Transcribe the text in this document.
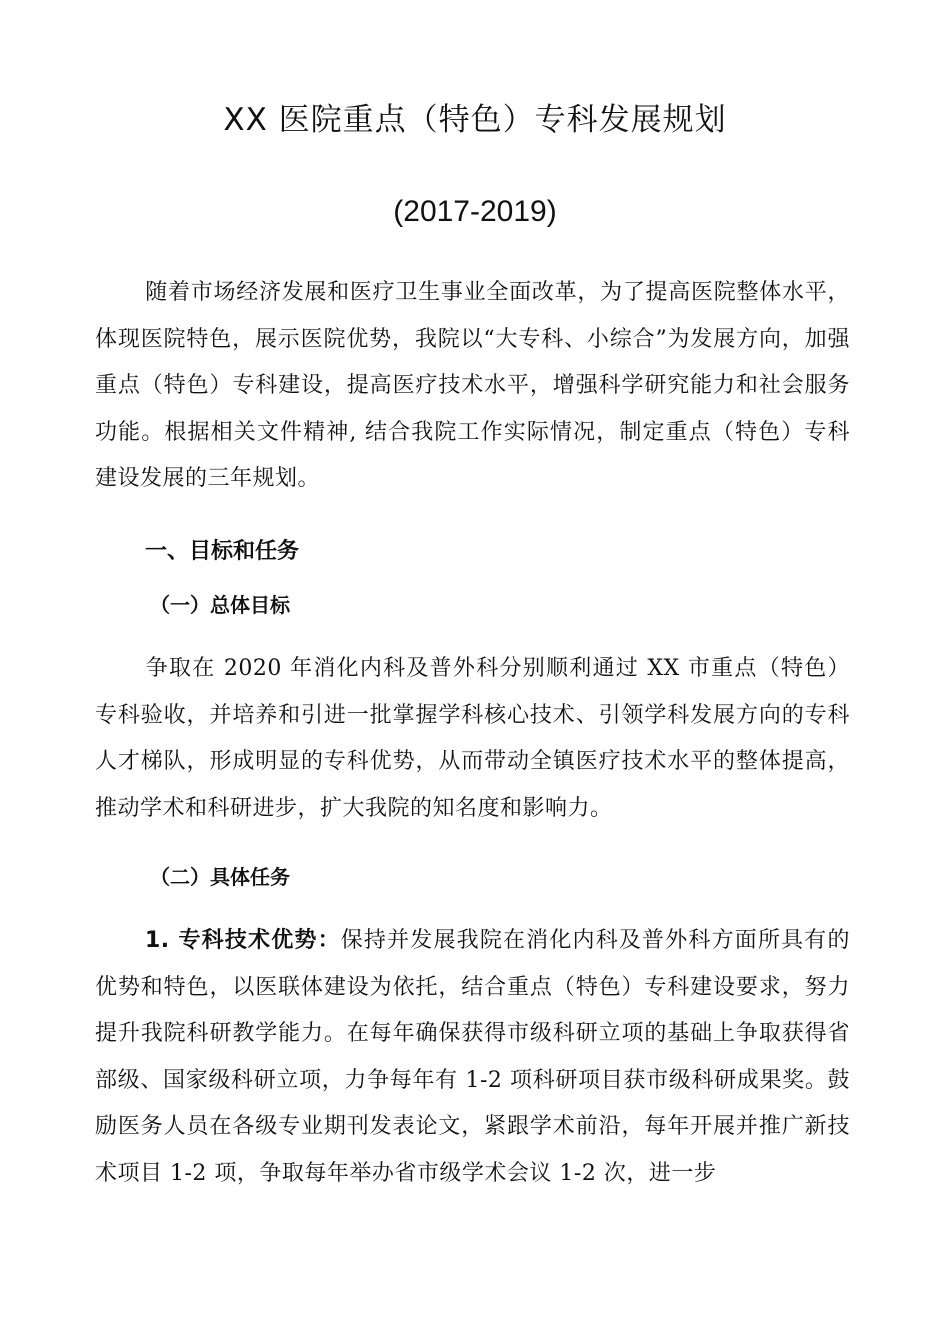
XX 医院重点（特色）专科发展规划
(2017-2019)
随着市场经济发展和医疗卫生事业全面改革，为了提高医院整体水平，体现医院特色，展示医院优势，我院以“大专科、小综合”为发展方向，加强重点（特色）专科建设，提高医疗技术水平，增强科学研究能力和社会服务功能。根据相关文件精神, 结合我院工作实际情况，制定重点（特色）专科建设发展的三年规划。
一、目标和任务
（一）总体目标
争取在 2020 年消化内科及普外科分别顺利通过 XX 市重点（特色）专科验收，并培养和引进一批掌握学科核心技术、引领学科发展方向的专科人才梯队，形成明显的专科优势，从而带动全镇医疗技术水平的整体提高，推动学术和科研进步，扩大我院的知名度和影响力。
（二）具体任务
1. 专科技术优势：保持并发展我院在消化内科及普外科方面所具有的优势和特色，以医联体建设为依托，结合重点（特色）专科建设要求，努力提升我院科研教学能力。在每年确保获得市级科研立项的基础上争取获得省部级、国家级科研立项，力争每年有 1-2 项科研项目获市级科研成果奖。鼓励医务人员在各级专业期刊发表论文，紧跟学术前沿，每年开展并推广新技术项目 1-2 项，争取每年举办省市级学术会议 1-2 次，进一步
